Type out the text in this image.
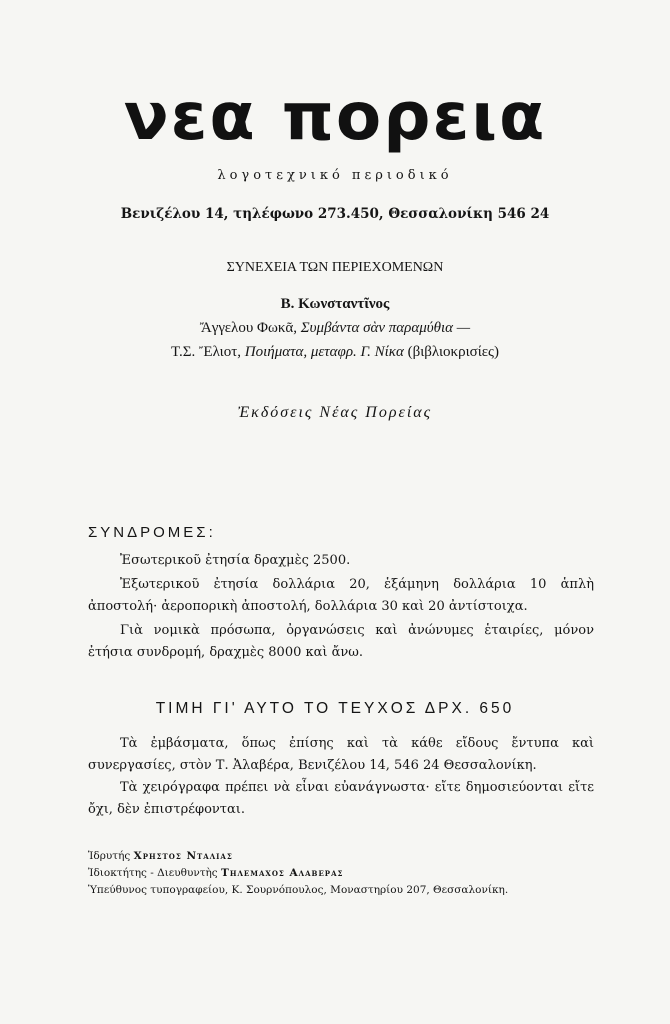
νεα πορεια
λογοτεχνικό περιοδικό
Βενιζέλου 14, τηλέφωνο 273.450, Θεσσαλονίκη 546 24
ΣΥΝΕΧΕΙΑ ΤΩΝ ΠΕΡΙΕΧΟΜΕΝΩΝ
Β. Κωνσταντῖνος
Ἄγγελου Φωκᾶ, Συμβάντα σὰν παραμύθια —
Τ.Σ. Ἔλιοτ, Ποιήματα, μεταφρ. Γ. Νίκα (βιβλιοκρισίες)
Ἐκδόσεις Νέας Πορείας
ΣΥΝΔΡΟΜΕΣ:
Ἐσωτερικοῦ ἐτησία δραχμὲς 2500.
Ἐξωτερικοῦ ἐτησία δολλάρια 20, ἑξάμηνη δολλάρια 10 ἁπλὴ ἀποστολή· ἀεροπορικὴ ἀποστολή, δολλάρια 30 καὶ 20 ἀντίστοιχα.
Γιὰ νομικὰ πρόσωπα, ὀργανώσεις καὶ ἀνώνυμες ἑταιρίες, μόνον ἐτήσια συνδρομή, δραχμὲς 8000 καὶ ἄνω.
ΤΙΜΗ ΓΙ' ΑΥΤΟ ΤΟ ΤΕΥΧΟΣ ΔΡΧ. 650
Τὰ ἐμβάσματα, ὅπως ἐπίσης καὶ τὰ κάθε εἴδους ἔντυπα καὶ συνεργασίες, στὸν Τ. Ἀλαβέρα, Βενιζέλου 14, 546 24 Θεσσαλονίκη.
Τὰ χειρόγραφα πρέπει νὰ εἶναι εὐανάγνωστα· εἴτε δημοσιεύονται εἴτε ὄχι, δὲν ἐπιστρέφονται.
Ἱδρυτής Χρηστος Νταλιας
Ἰδιοκτήτης - Διευθυντὴς Τηλεμαχος Αλαβερας
Ὑπεύθυνος τυπογραφείου, Κ. Σουρνόπουλος, Μοναστηρίου 207, Θεσσαλονίκη.
